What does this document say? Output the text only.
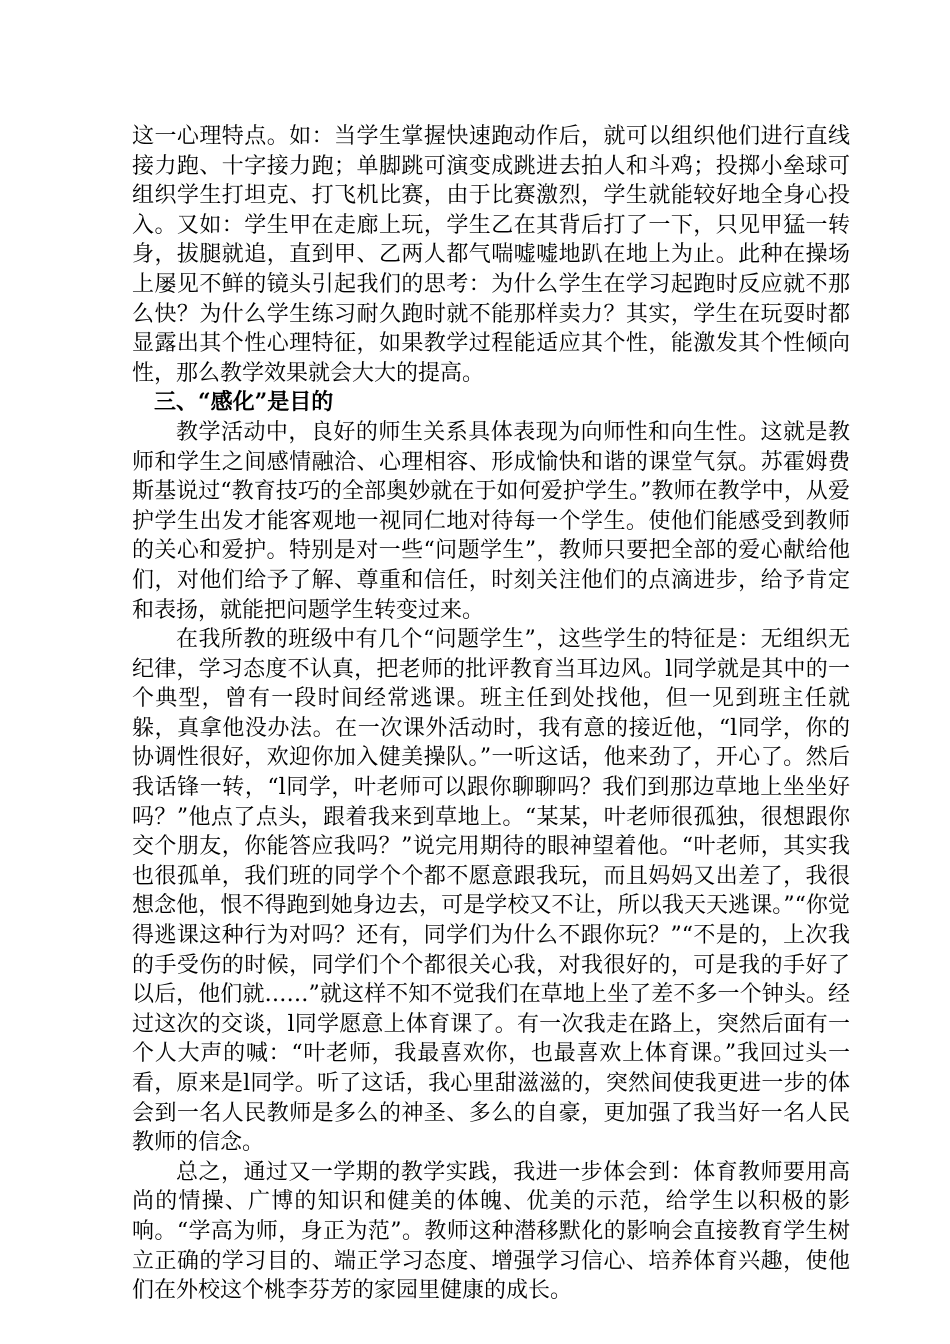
这一心理特点。如：当学生掌握快速跑动作后，就可以组织他们进行直线接力跑、十字接力跑；单脚跳可演变成跳进去拍人和斗鸡；投掷小垒球可组织学生打坦克、打飞机比赛，由于比赛激烈，学生就能较好地全身心投入。又如：学生甲在走廊上玩，学生乙在其背后打了一下，只见甲猛一转身，拔腿就追，直到甲、乙两人都气喘嘘嘘地趴在地上为止。此种在操场上屡见不鲜的镜头引起我们的思考：为什么学生在学习起跑时反应就不那么快？为什么学生练习耐久跑时就不能那样卖力？其实，学生在玩耍时都显露出其个性心理特征，如果教学过程能适应其个性，能激发其个性倾向性，那么教学效果就会大大的提高。

三、“感化”是目的

教学活动中，良好的师生关系具体表现为向师性和向生性。这就是教师和学生之间感情融洽、心理相容、形成愉快和谐的课堂气氛。苏霍姆费斯基说过“教育技巧的全部奥妙就在于如何爱护学生。”教师在教学中，从爱护学生出发才能客观地一视同仁地对待每一个学生。使他们能感受到教师的关心和爱护。特别是对一些“问题学生”，教师只要把全部的爱心献给他们，对他们给予了解、尊重和信任，时刻关注他们的点滴进步，给予肯定和表扬，就能把问题学生转变过来。

在我所教的班级中有几个“问题学生”，这些学生的特征是：无组织无纪律，学习态度不认真，把老师的批评教育当耳边风。l同学就是其中的一个典型，曾有一段时间经常逃课。班主任到处找他，但一见到班主任就躲，真拿他没办法。在一次课外活动时，我有意的接近他，“l同学，你的协调性很好，欢迎你加入健美操队。”一听这话，他来劲了，开心了。然后我话锋一转，“l同学，叶老师可以跟你聊聊吗？我们到那边草地上坐坐好吗？”他点了点头，跟着我来到草地上。“某某，叶老师很孤独，很想跟你交个朋友，你能答应我吗？”说完用期待的眼神望着他。“叶老师，其实我也很孤单，我们班的同学个个都不愿意跟我玩，而且妈妈又出差了，我很想念他，恨不得跑到她身边去，可是学校又不让，所以我天天逃课。”“你觉得逃课这种行为对吗？还有，同学们为什么不跟你玩？”“不是的，上次我的手受伤的时候，同学们个个都很关心我，对我很好的，可是我的手好了以后，他们就……”就这样不知不觉我们在草地上坐了差不多一个钟头。经过这次的交谈，l同学愿意上体育课了。有一次我走在路上，突然后面有一个人大声的喊：“叶老师，我最喜欢你，也最喜欢上体育课。”我回过头一看，原来是l同学。听了这话，我心里甜滋滋的，突然间使我更进一步的体会到一名人民教师是多么的神圣、多么的自豪，更加强了我当好一名人民教师的信念。

总之，通过又一学期的教学实践，我进一步体会到：体育教师要用高尚的情操、广博的知识和健美的体魄、优美的示范，给学生以积极的影响。“学高为师，身正为范”。教师这种潜移默化的影响会直接教育学生树立正确的学习目的、端正学习态度、增强学习信心、培养体育兴趣，使他们在外校这个桃李芬芳的家园里健康的成长。
